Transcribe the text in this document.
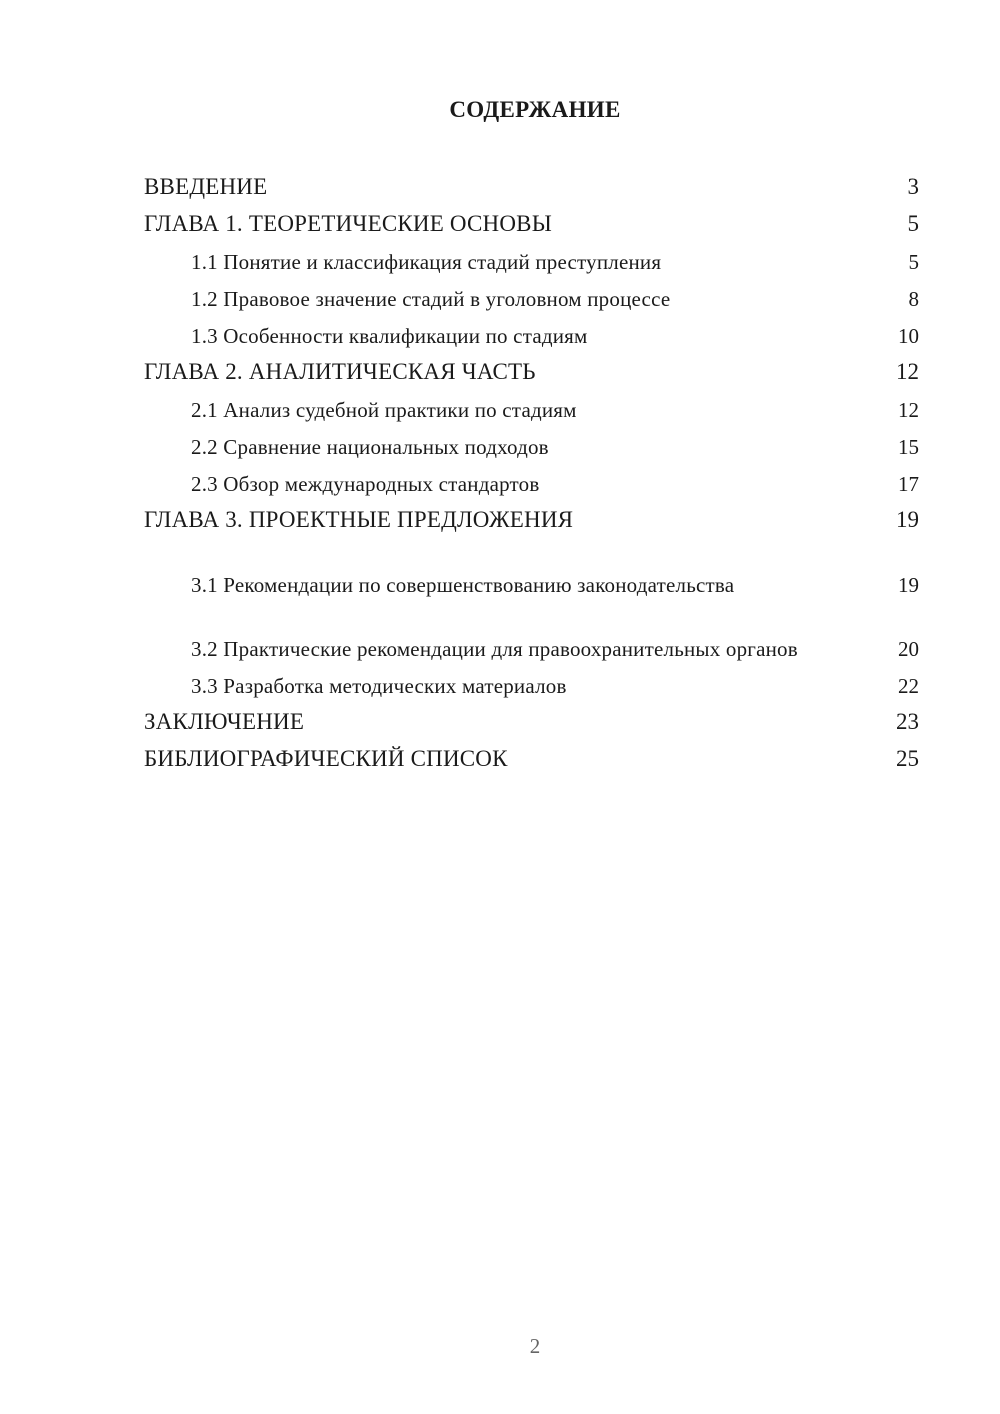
СОДЕРЖАНИЕ
ВВЕДЕНИЕ	3
ГЛАВА 1. ТЕОРЕТИЧЕСКИЕ ОСНОВЫ	5
1.1 Понятие и классификация стадий преступления	5
1.2 Правовое значение стадий в уголовном процессе	8
1.3 Особенности квалификации по стадиям	10
ГЛАВА 2. АНАЛИТИЧЕСКАЯ ЧАСТЬ	12
2.1 Анализ судебной практики по стадиям	12
2.2 Сравнение национальных подходов	15
2.3 Обзор международных стандартов	17
ГЛАВА 3. ПРОЕКТНЫЕ ПРЕДЛОЖЕНИЯ	19
3.1 Рекомендации по совершенствованию законодательства	19
3.2 Практические рекомендации для правоохранительных органов	20
3.3 Разработка методических материалов	22
ЗАКЛЮЧЕНИЕ	23
БИБЛИОГРАФИЧЕСКИЙ СПИСОК	25
2
